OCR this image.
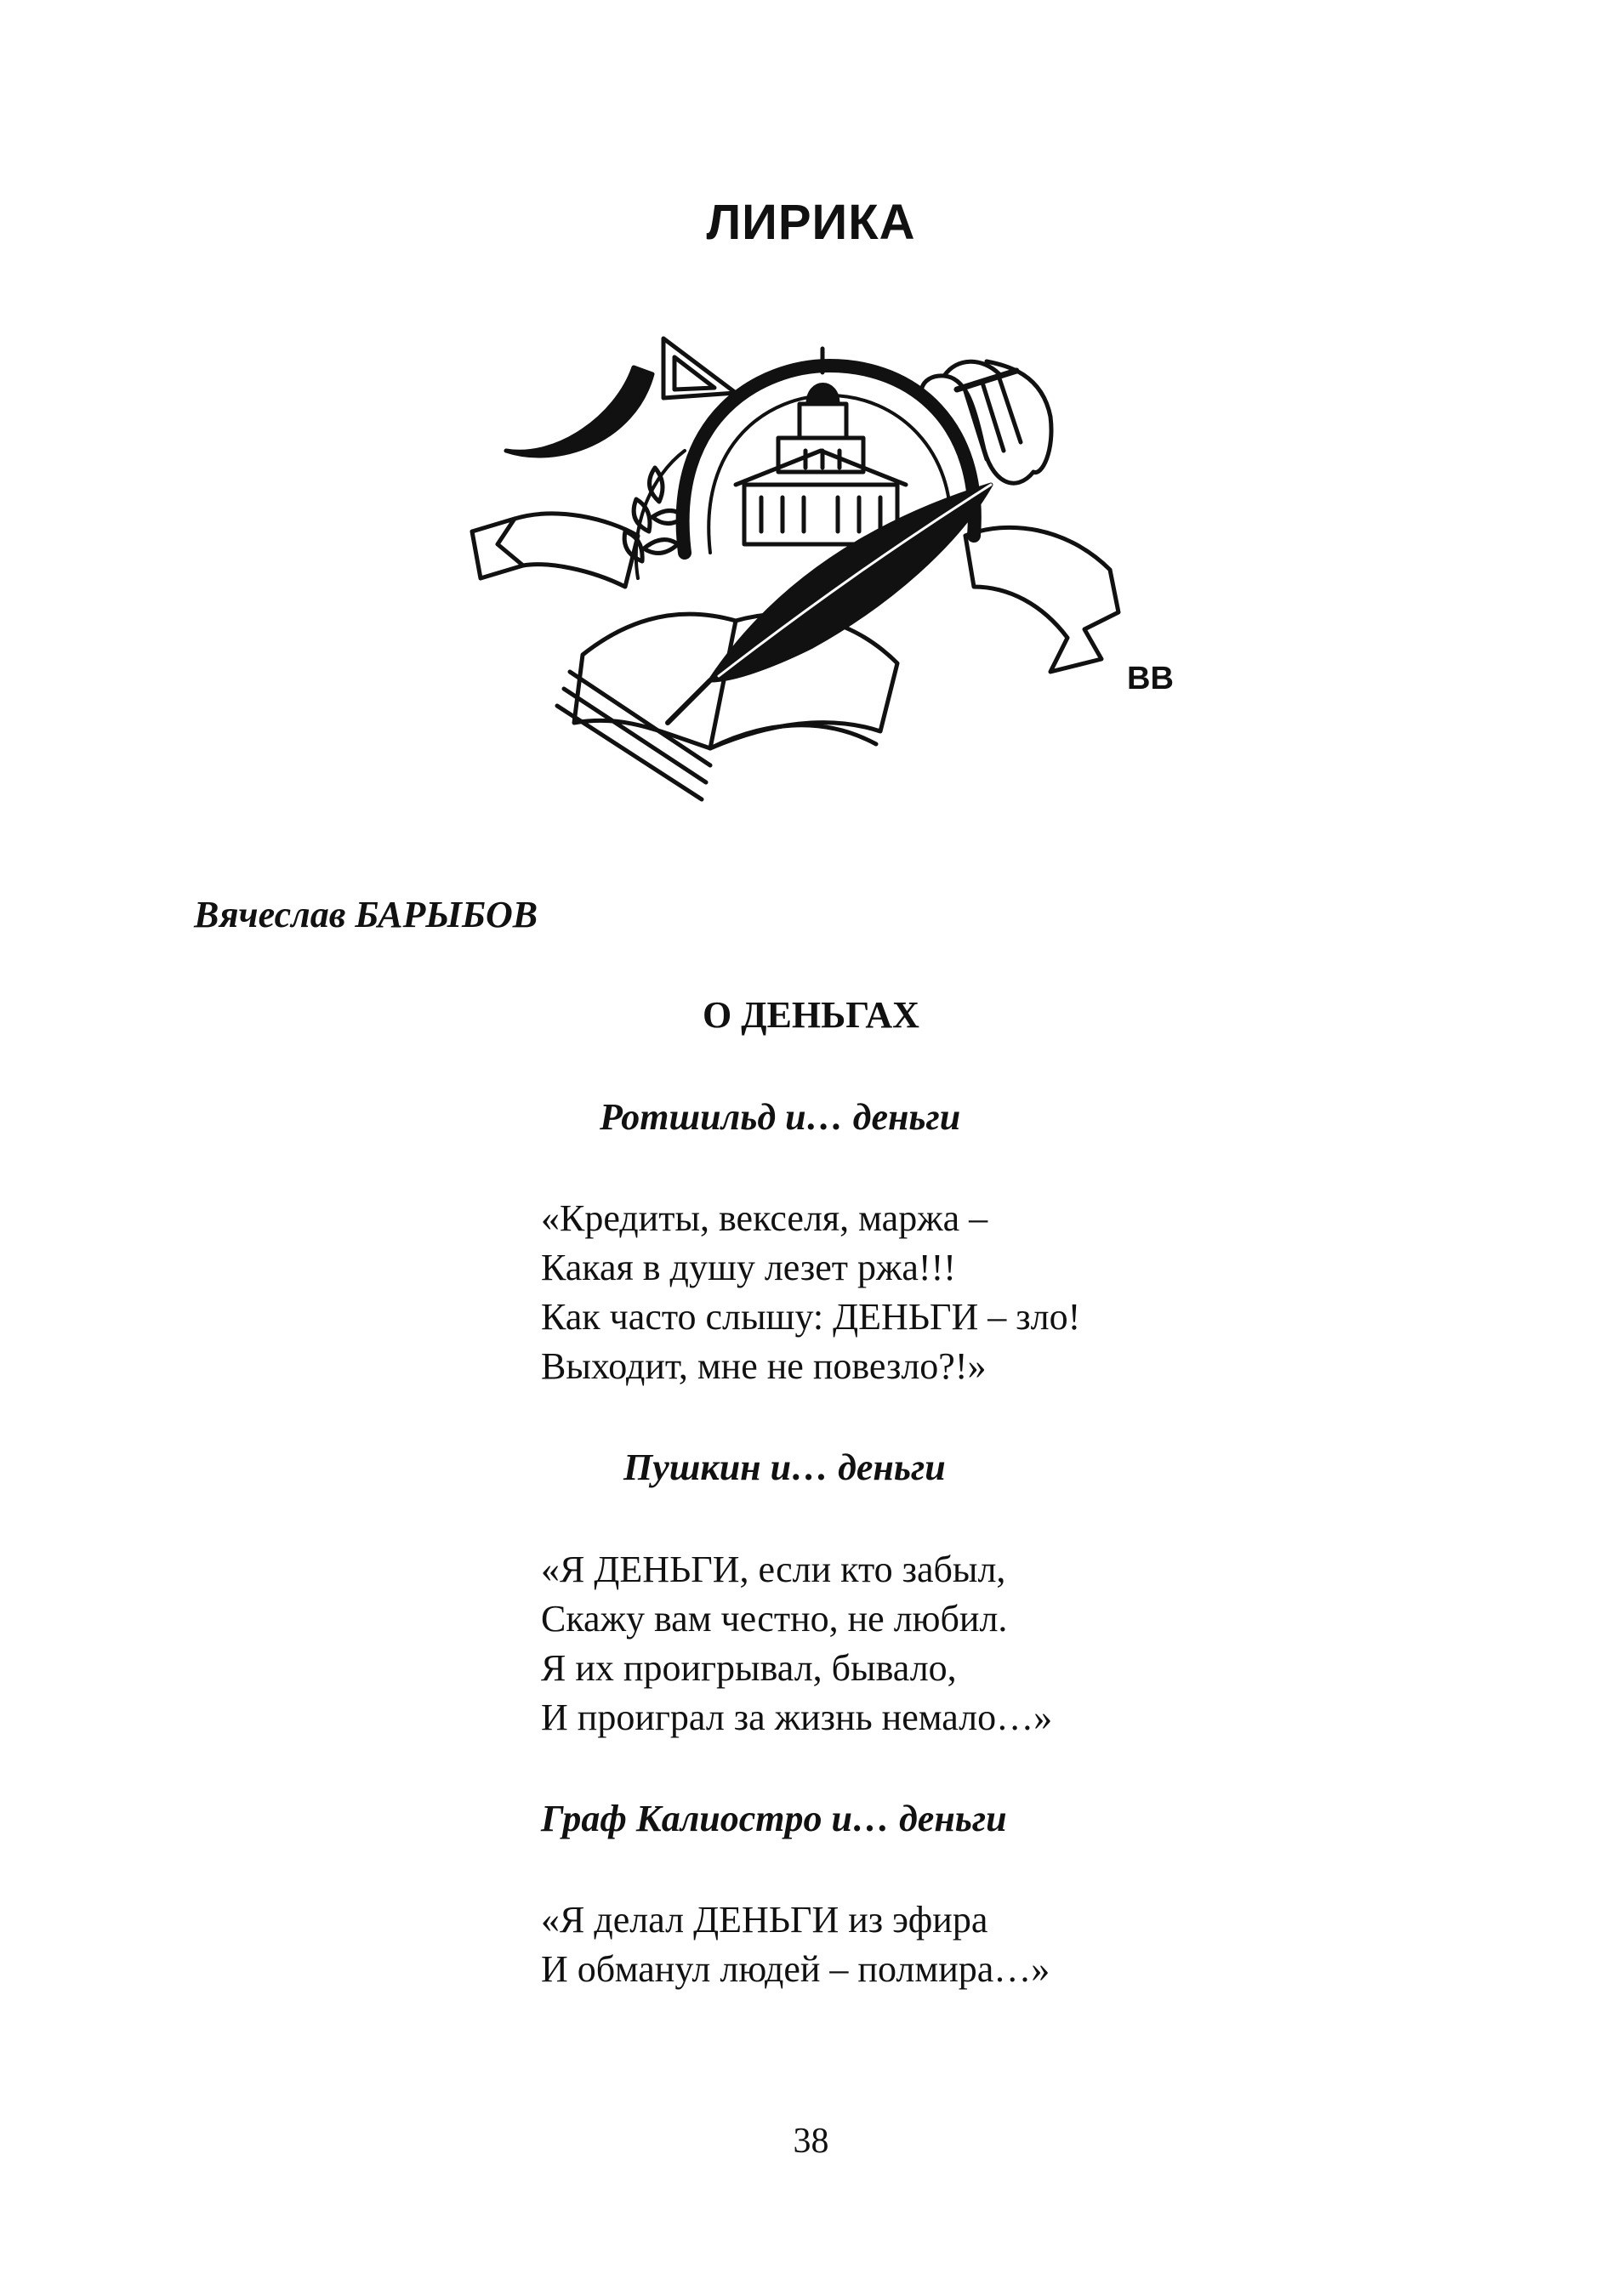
ЛИРИКА
ВВ
Вячеслав БАРЫБОВ
О ДЕНЬГАХ
Ротшильд и… деньги
«Кредиты, векселя, маржа –
Какая в душу лезет ржа!!!
Как часто слышу: ДЕНЬГИ – зло!
Выходит, мне не повезло?!»
Пушкин и… деньги
«Я ДЕНЬГИ, если кто забыл,
Скажу вам честно, не любил.
Я их проигрывал, бывало,
И проиграл за жизнь немало…»
Граф Калиостро и… деньги
«Я делал ДЕНЬГИ из эфира
И обманул людей – полмира…»
38
